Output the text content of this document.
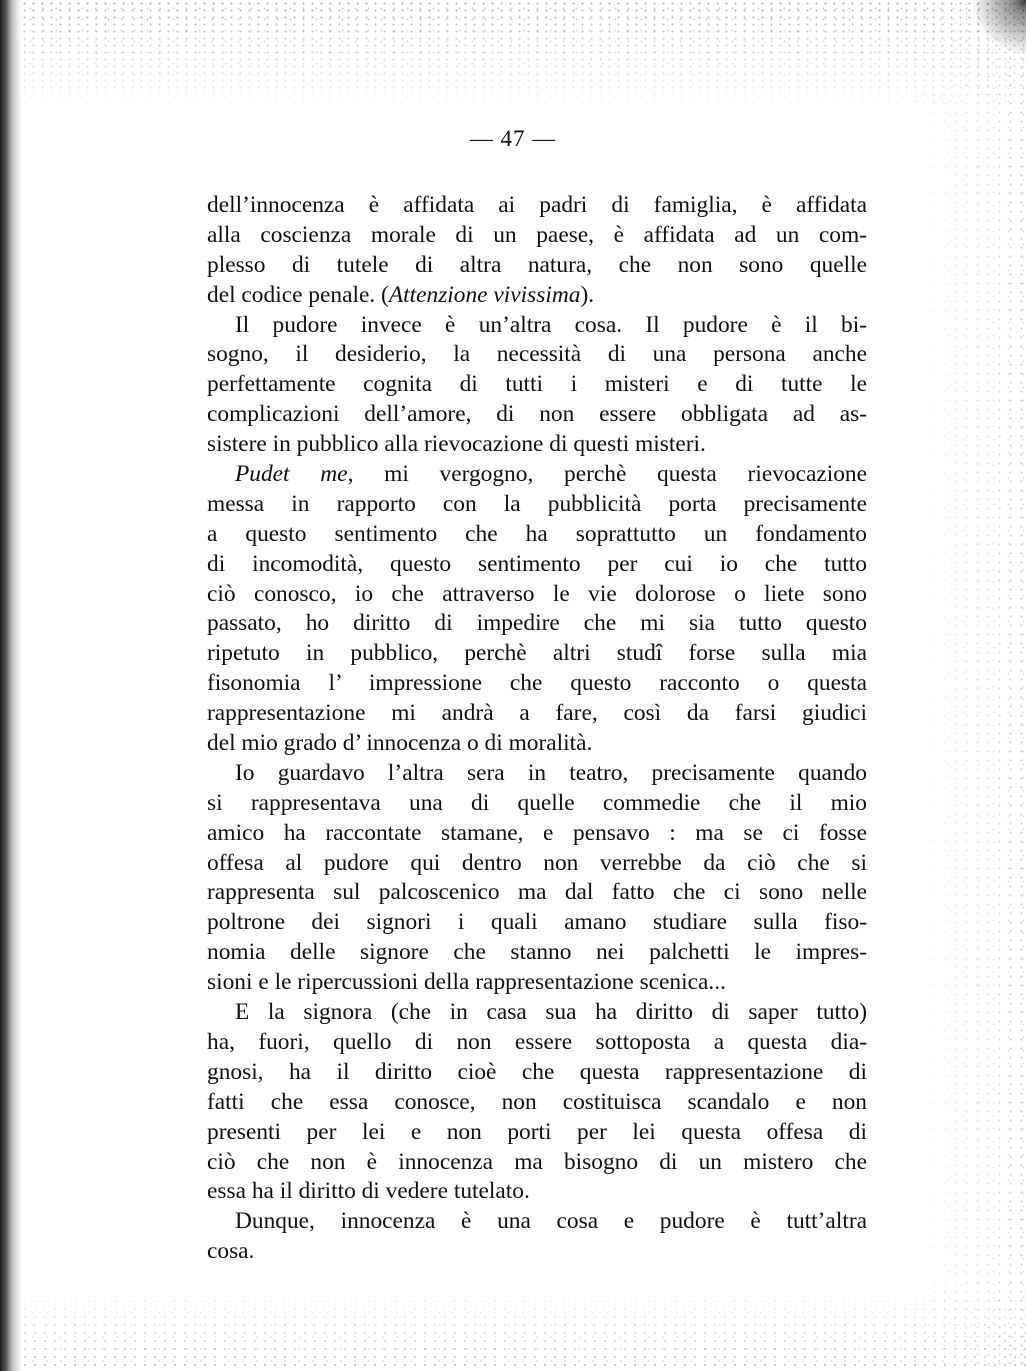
— 47 —
dell’innocenza è affidata ai padri di famiglia, è affidata
alla coscienza morale di un paese, è affidata ad un com-
plesso di tutele di altra natura, che non sono quelle
del codice penale. (Attenzione vivissima).
Il pudore invece è un’altra cosa. Il pudore è il bi-
sogno, il desiderio, la necessità di una persona anche
perfettamente cognita di tutti i misteri e di tutte le
complicazioni dell’amore, di non essere obbligata ad as-
sistere in pubblico alla rievocazione di questi misteri.
Pudet me, mi vergogno, perchè questa rievocazione
messa in rapporto con la pubblicità porta precisamente
a questo sentimento che ha soprattutto un fondamento
di incomodità, questo sentimento per cui io che tutto
ciò conosco, io che attraverso le vie dolorose o liete sono
passato, ho diritto di impedire che mi sia tutto questo
ripetuto in pubblico, perchè altri studî forse sulla mia
fisonomia l’ impressione che questo racconto o questa
rappresentazione mi andrà a fare, così da farsi giudici
del mio grado d’ innocenza o di moralità.
Io guardavo l’altra sera in teatro, precisamente quando
si rappresentava una di quelle commedie che il mio
amico ha raccontate stamane, e pensavo : ma se ci fosse
offesa al pudore qui dentro non verrebbe da ciò che si
rappresenta sul palcoscenico ma dal fatto che ci sono nelle
poltrone dei signori i quali amano studiare sulla fiso-
nomia delle signore che stanno nei palchetti le impres-
sioni e le ripercussioni della rappresentazione scenica...
E la signora (che in casa sua ha diritto di saper tutto)
ha, fuori, quello di non essere sottoposta a questa dia-
gnosi, ha il diritto cioè che questa rappresentazione di
fatti che essa conosce, non costituisca scandalo e non
presenti per lei e non porti per lei questa offesa di
ciò che non è innocenza ma bisogno di un mistero che
essa ha il diritto di vedere tutelato.
Dunque, innocenza è una cosa e pudore è tutt’altra
cosa.
